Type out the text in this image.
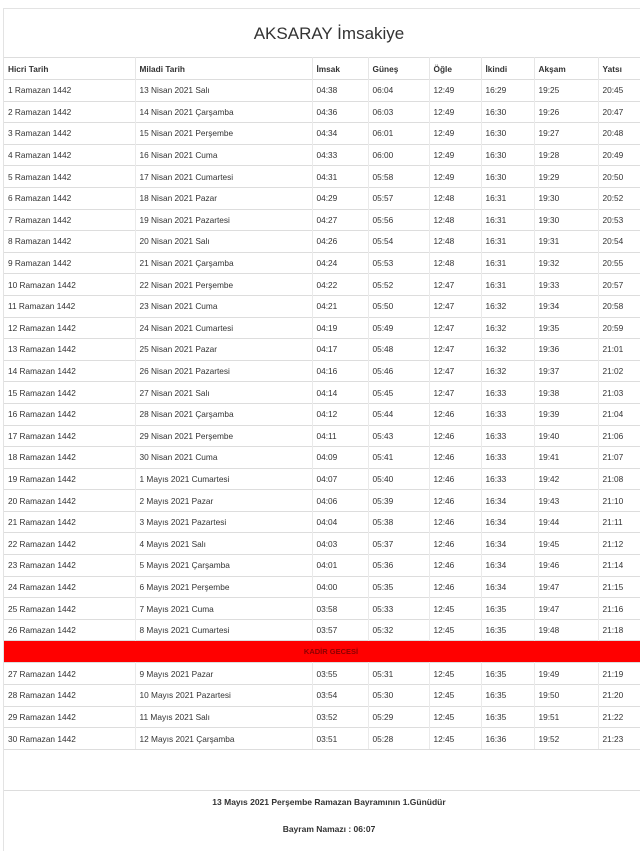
AKSARAY İmsakiye
Hicri Tarih	Miladi Tarih	İmsak	Güneş	Öğle	İkindi	Akşam	Yatsı
1 Ramazan 1442	13 Nisan 2021 Salı	04:38	06:04	12:49	16:29	19:25	20:45
2 Ramazan 1442	14 Nisan 2021 Çarşamba	04:36	06:03	12:49	16:30	19:26	20:47
3 Ramazan 1442	15 Nisan 2021 Perşembe	04:34	06:01	12:49	16:30	19:27	20:48
4 Ramazan 1442	16 Nisan 2021 Cuma	04:33	06:00	12:49	16:30	19:28	20:49
5 Ramazan 1442	17 Nisan 2021 Cumartesi	04:31	05:58	12:49	16:30	19:29	20:50
6 Ramazan 1442	18 Nisan 2021 Pazar	04:29	05:57	12:48	16:31	19:30	20:52
7 Ramazan 1442	19 Nisan 2021 Pazartesi	04:27	05:56	12:48	16:31	19:30	20:53
8 Ramazan 1442	20 Nisan 2021 Salı	04:26	05:54	12:48	16:31	19:31	20:54
9 Ramazan 1442	21 Nisan 2021 Çarşamba	04:24	05:53	12:48	16:31	19:32	20:55
10 Ramazan 1442	22 Nisan 2021 Perşembe	04:22	05:52	12:47	16:31	19:33	20:57
11 Ramazan 1442	23 Nisan 2021 Cuma	04:21	05:50	12:47	16:32	19:34	20:58
12 Ramazan 1442	24 Nisan 2021 Cumartesi	04:19	05:49	12:47	16:32	19:35	20:59
13 Ramazan 1442	25 Nisan 2021 Pazar	04:17	05:48	12:47	16:32	19:36	21:01
14 Ramazan 1442	26 Nisan 2021 Pazartesi	04:16	05:46	12:47	16:32	19:37	21:02
15 Ramazan 1442	27 Nisan 2021 Salı	04:14	05:45	12:47	16:33	19:38	21:03
16 Ramazan 1442	28 Nisan 2021 Çarşamba	04:12	05:44	12:46	16:33	19:39	21:04
17 Ramazan 1442	29 Nisan 2021 Perşembe	04:11	05:43	12:46	16:33	19:40	21:06
18 Ramazan 1442	30 Nisan 2021 Cuma	04:09	05:41	12:46	16:33	19:41	21:07
19 Ramazan 1442	1 Mayıs 2021 Cumartesi	04:07	05:40	12:46	16:33	19:42	21:08
20 Ramazan 1442	2 Mayıs 2021 Pazar	04:06	05:39	12:46	16:34	19:43	21:10
21 Ramazan 1442	3 Mayıs 2021 Pazartesi	04:04	05:38	12:46	16:34	19:44	21:11
22 Ramazan 1442	4 Mayıs 2021 Salı	04:03	05:37	12:46	16:34	19:45	21:12
23 Ramazan 1442	5 Mayıs 2021 Çarşamba	04:01	05:36	12:46	16:34	19:46	21:14
24 Ramazan 1442	6 Mayıs 2021 Perşembe	04:00	05:35	12:46	16:34	19:47	21:15
25 Ramazan 1442	7 Mayıs 2021 Cuma	03:58	05:33	12:45	16:35	19:47	21:16
26 Ramazan 1442	8 Mayıs 2021 Cumartesi	03:57	05:32	12:45	16:35	19:48	21:18
KADİR GECESİ							
27 Ramazan 1442	9 Mayıs 2021 Pazar	03:55	05:31	12:45	16:35	19:49	21:19
28 Ramazan 1442	10 Mayıs 2021 Pazartesi	03:54	05:30	12:45	16:35	19:50	21:20
29 Ramazan 1442	11 Mayıs 2021 Salı	03:52	05:29	12:45	16:35	19:51	21:22
30 Ramazan 1442	12 Mayıs 2021 Çarşamba	03:51	05:28	12:45	16:36	19:52	21:23
13 Mayıs 2021 Perşembe Ramazan Bayramının 1.Günüdür
Bayram Namazı : 06:07
